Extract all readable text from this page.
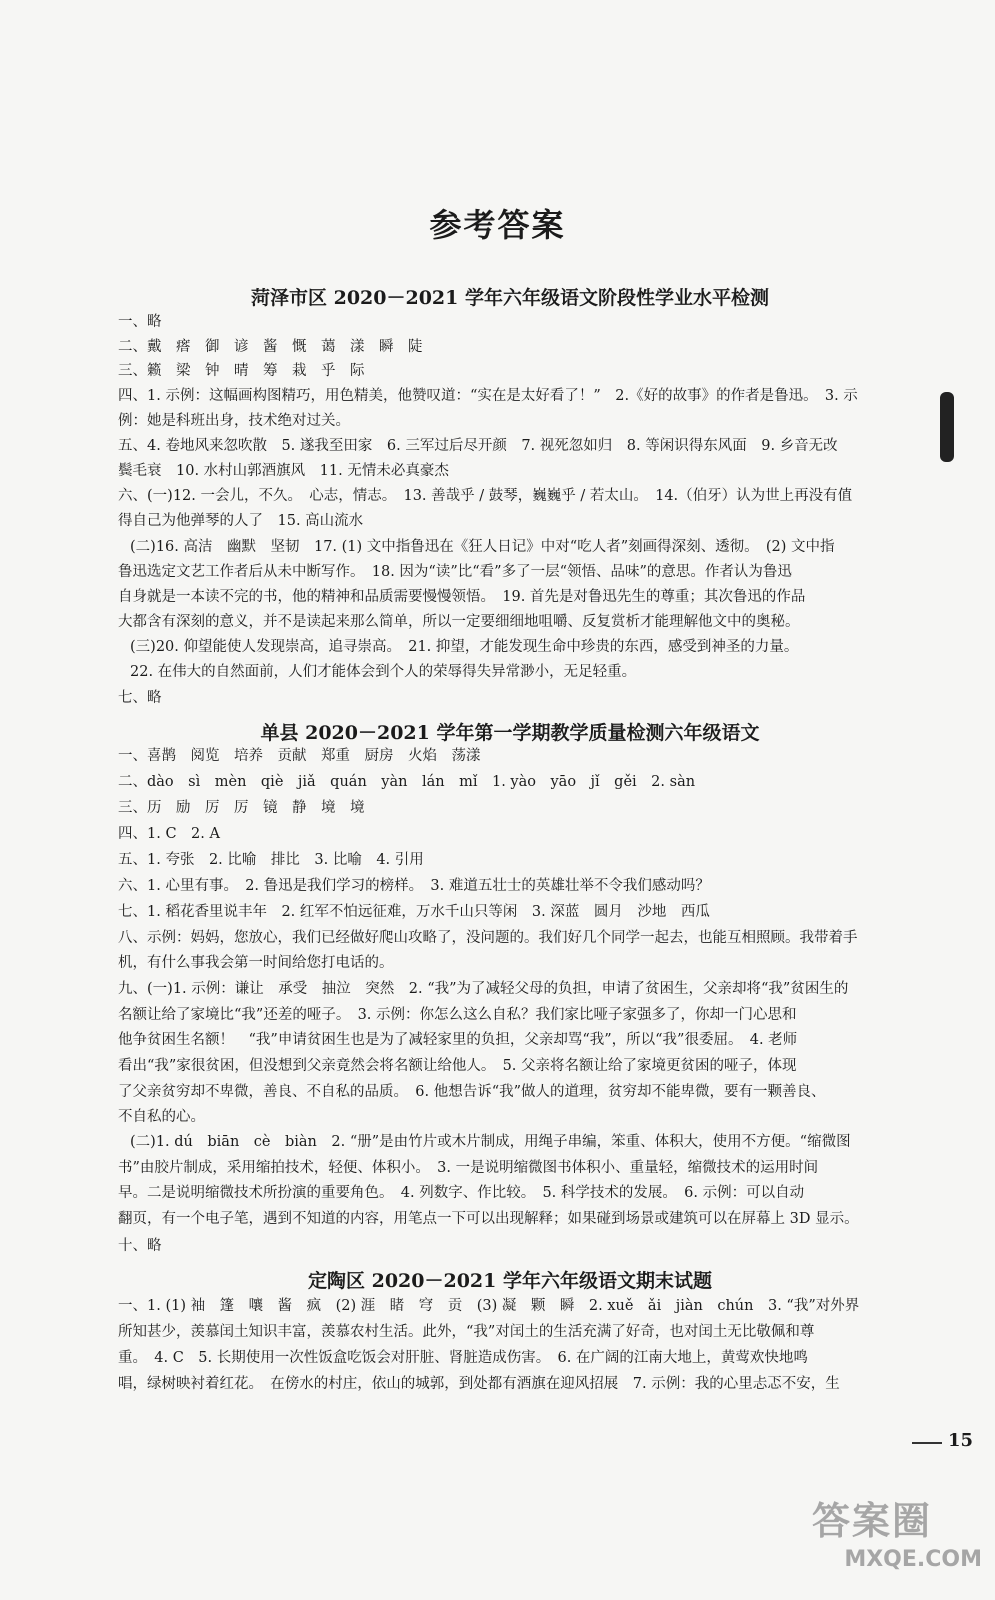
参考答案
菏泽市区 2020－2021 学年六年级语文阶段性学业水平检测
一、略
二、戴　瘩　御　谚　酱　慨　蔼　漾　瞬　陡
三、籁　梁　钟　晴　筹　栽　乎　际
四、1. 示例：这幅画构图精巧，用色精美，他赞叹道：“实在是太好看了！”　2.《好的故事》的作者是鲁迅。　3. 示
例：她是科班出身，技术绝对过关。
五、4. 卷地风来忽吹散　5. 遂我至田家　6. 三军过后尽开颜　7. 视死忽如归　8. 等闲识得东风面　9. 乡音无改
鬓毛衰　10. 水村山郭酒旗风　11. 无情未必真豪杰
六、(一)12. 一会儿，不久。　心志，情志。　13. 善哉乎 / 鼓琴，巍巍乎 / 若太山。　14.（伯牙）认为世上再没有值
得自己为他弹琴的人了　15. 高山流水
(二)16. 高洁　幽默　坚韧　17. (1) 文中指鲁迅在《狂人日记》中对“吃人者”刻画得深刻、透彻。　(2) 文中指
鲁迅选定文艺工作者后从未中断写作。　18. 因为“读”比“看”多了一层“领悟、品味”的意思。作者认为鲁迅
自身就是一本读不完的书，他的精神和品质需要慢慢领悟。　19. 首先是对鲁迅先生的尊重；其次鲁迅的作品
大都含有深刻的意义，并不是读起来那么简单，所以一定要细细地咀嚼、反复赏析才能理解他文中的奥秘。
(三)20. 仰望能使人发现崇高，追寻崇高。　21. 抑望，才能发现生命中珍贵的东西，感受到神圣的力量。
22. 在伟大的自然面前，人们才能体会到个人的荣辱得失异常渺小，无足轻重。
七、略
单县 2020－2021 学年第一学期教学质量检测六年级语文
一、喜鹊　阅览　培养　贡献　郑重　厨房　火焰　荡漾
二、dào　sì　mèn　qiè　jiǎ　quán　yàn　lán　mǐ　1. yào　yāo　jǐ　gěi　2. sàn
三、历　励　厉　厉　镜　静　境　境
四、1. C　2. A
五、1. 夸张　2. 比喻　排比　3. 比喻　4. 引用
六、1. 心里有事。　2. 鲁迅是我们学习的榜样。　3. 难道五壮士的英雄壮举不令我们感动吗？
七、1. 稻花香里说丰年　2. 红军不怕远征难，万水千山只等闲　3. 深蓝　圆月　沙地　西瓜
八、示例：妈妈，您放心，我们已经做好爬山攻略了，没问题的。我们好几个同学一起去，也能互相照顾。我带着手
机，有什么事我会第一时间给您打电话的。
九、(一)1. 示例：谦让　承受　抽泣　突然　2. “我”为了减轻父母的负担，申请了贫困生，父亲却将“我”贫困生的
名额让给了家境比“我”还差的哑子。　3. 示例：你怎么这么自私？我们家比哑子家强多了，你却一门心思和
他争贫困生名额！　“我”申请贫困生也是为了减轻家里的负担，父亲却骂“我”，所以“我”很委屈。　4. 老师
看出“我”家很贫困，但没想到父亲竟然会将名额让给他人。　5. 父亲将名额让给了家境更贫困的哑子，体现
了父亲贫穷却不卑微，善良、不自私的品质。　6. 他想告诉“我”做人的道理，贫穷却不能卑微，要有一颗善良、
不自私的心。
(二)1. dú　biān　cè　biàn　2. “册”是由竹片或木片制成，用绳子串编，笨重、体积大，使用不方便。“缩微图
书”由胶片制成，采用缩拍技术，轻便、体积小。　3. 一是说明缩微图书体积小、重量轻，缩微技术的运用时间
早。二是说明缩微技术所扮演的重要角色。　4. 列数字、作比较。　5. 科学技术的发展。　6. 示例：可以自动
翻页，有一个电子笔，遇到不知道的内容，用笔点一下可以出现解释；如果碰到场景或建筑可以在屏幕上 3D 显示。
十、略
定陶区 2020－2021 学年六年级语文期末试题
一、1. (1) 袖　篷　嚷　酱　疯　(2) 涯　睹　穹　贡　(3) 凝　颗　瞬　2. xuě　ǎi　jiàn　chún　3. “我”对外界
所知甚少，羡慕闰土知识丰富，羡慕农村生活。此外，“我”对闰土的生活充满了好奇，也对闰土无比敬佩和尊
重。　4. C　5. 长期使用一次性饭盒吃饭会对肝脏、肾脏造成伤害。　6. 在广阔的江南大地上，黄莺欢快地鸣
唱，绿树映衬着红花。　在傍水的村庄，依山的城郭，到处都有酒旗在迎风招展　7. 示例：我的心里忐忑不安，生
15
答案圈
MXQE.COM
